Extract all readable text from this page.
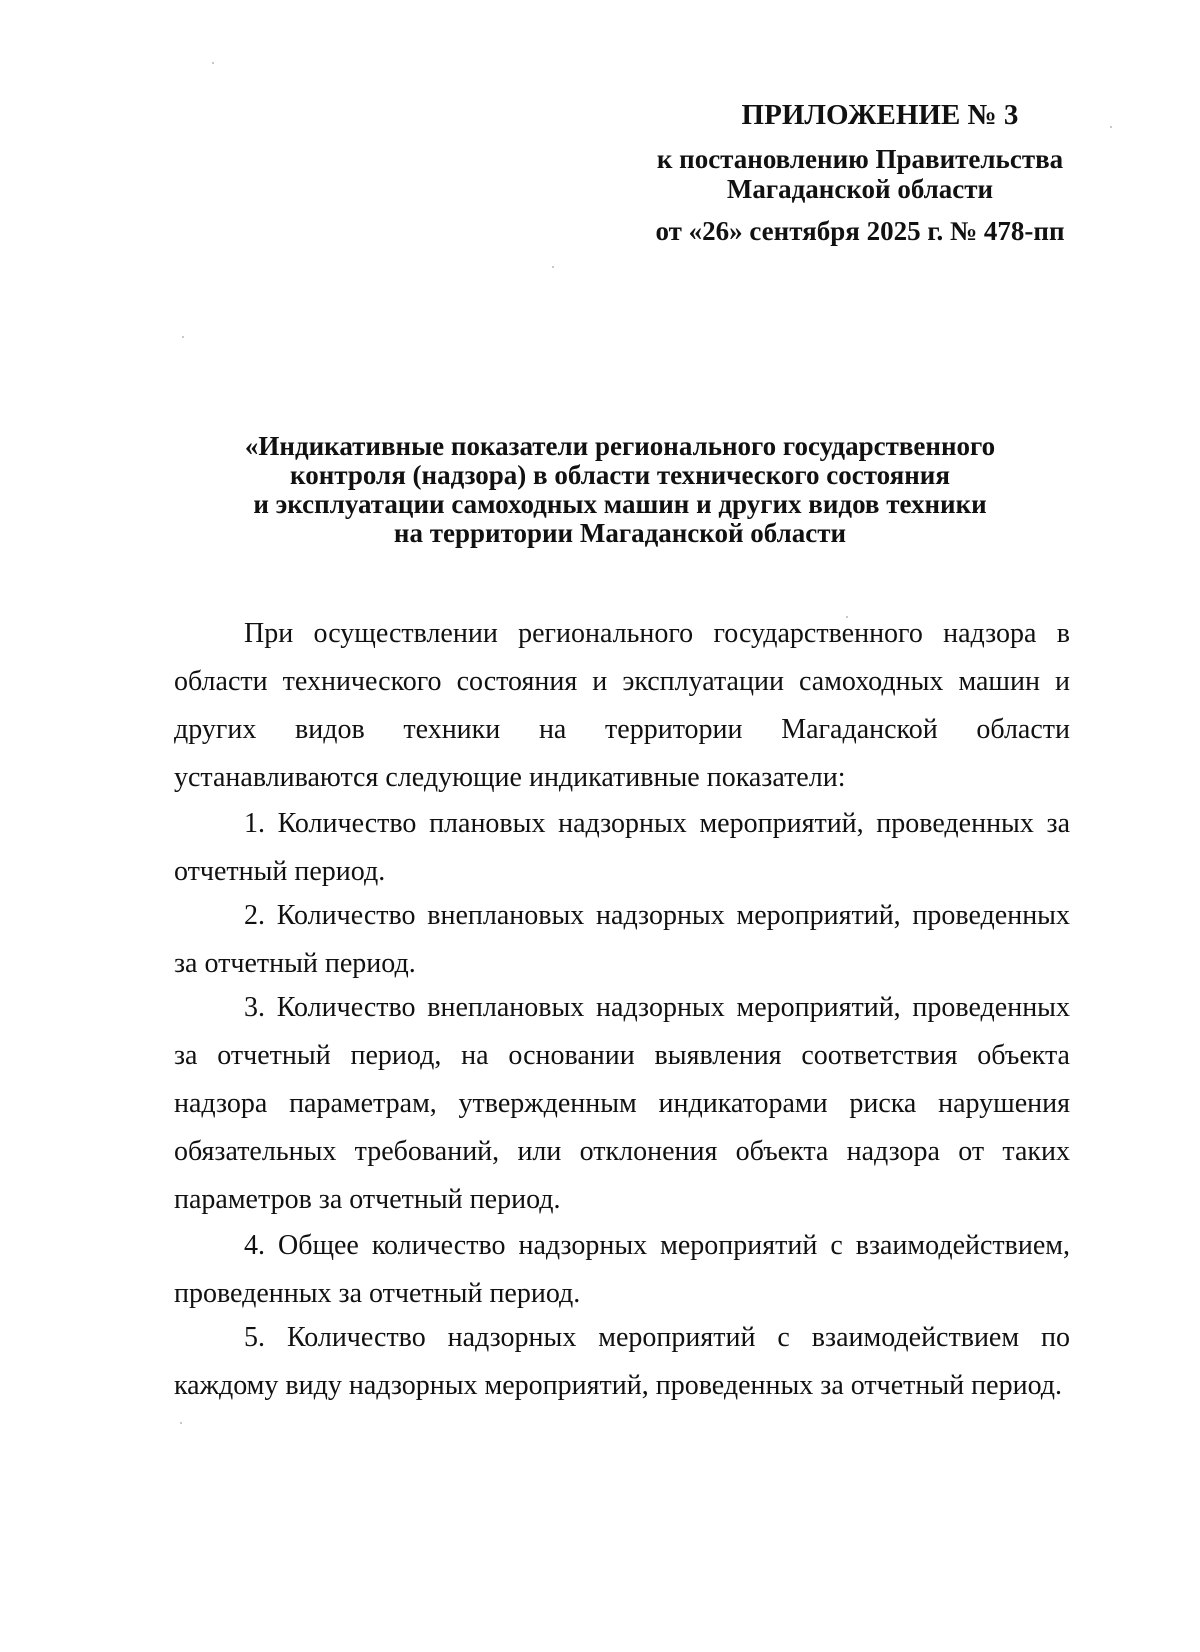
ПРИЛОЖЕНИЕ № 3
к постановлению Правительства
Магаданской области
от «26» сентября 2025 г. № 478-пп
«Индикативные показатели регионального государственного
контроля (надзора) в области технического состояния
и эксплуатации самоходных машин и других видов техники
на территории Магаданской области

При осуществлении регионального государственного надзора в области технического состояния и эксплуатации самоходных машин и других видов техники на территории Магаданской области устанавливаются следующие индикативные показатели:

1. Количество плановых надзорных мероприятий, проведенных за отчетный период.

2. Количество внеплановых надзорных мероприятий, проведенных за отчетный период.

3. Количество внеплановых надзорных мероприятий, проведенных за отчетный период, на основании выявления соответствия объекта надзора параметрам, утвержденным индикаторами риска нарушения обязательных требований, или отклонения объекта надзора от таких параметров за отчетный период.

4. Общее количество надзорных мероприятий с взаимодействием, проведенных за отчетный период.

5. Количество надзорных мероприятий с взаимодействием по каждому виду надзорных мероприятий, проведенных за отчетный период.
